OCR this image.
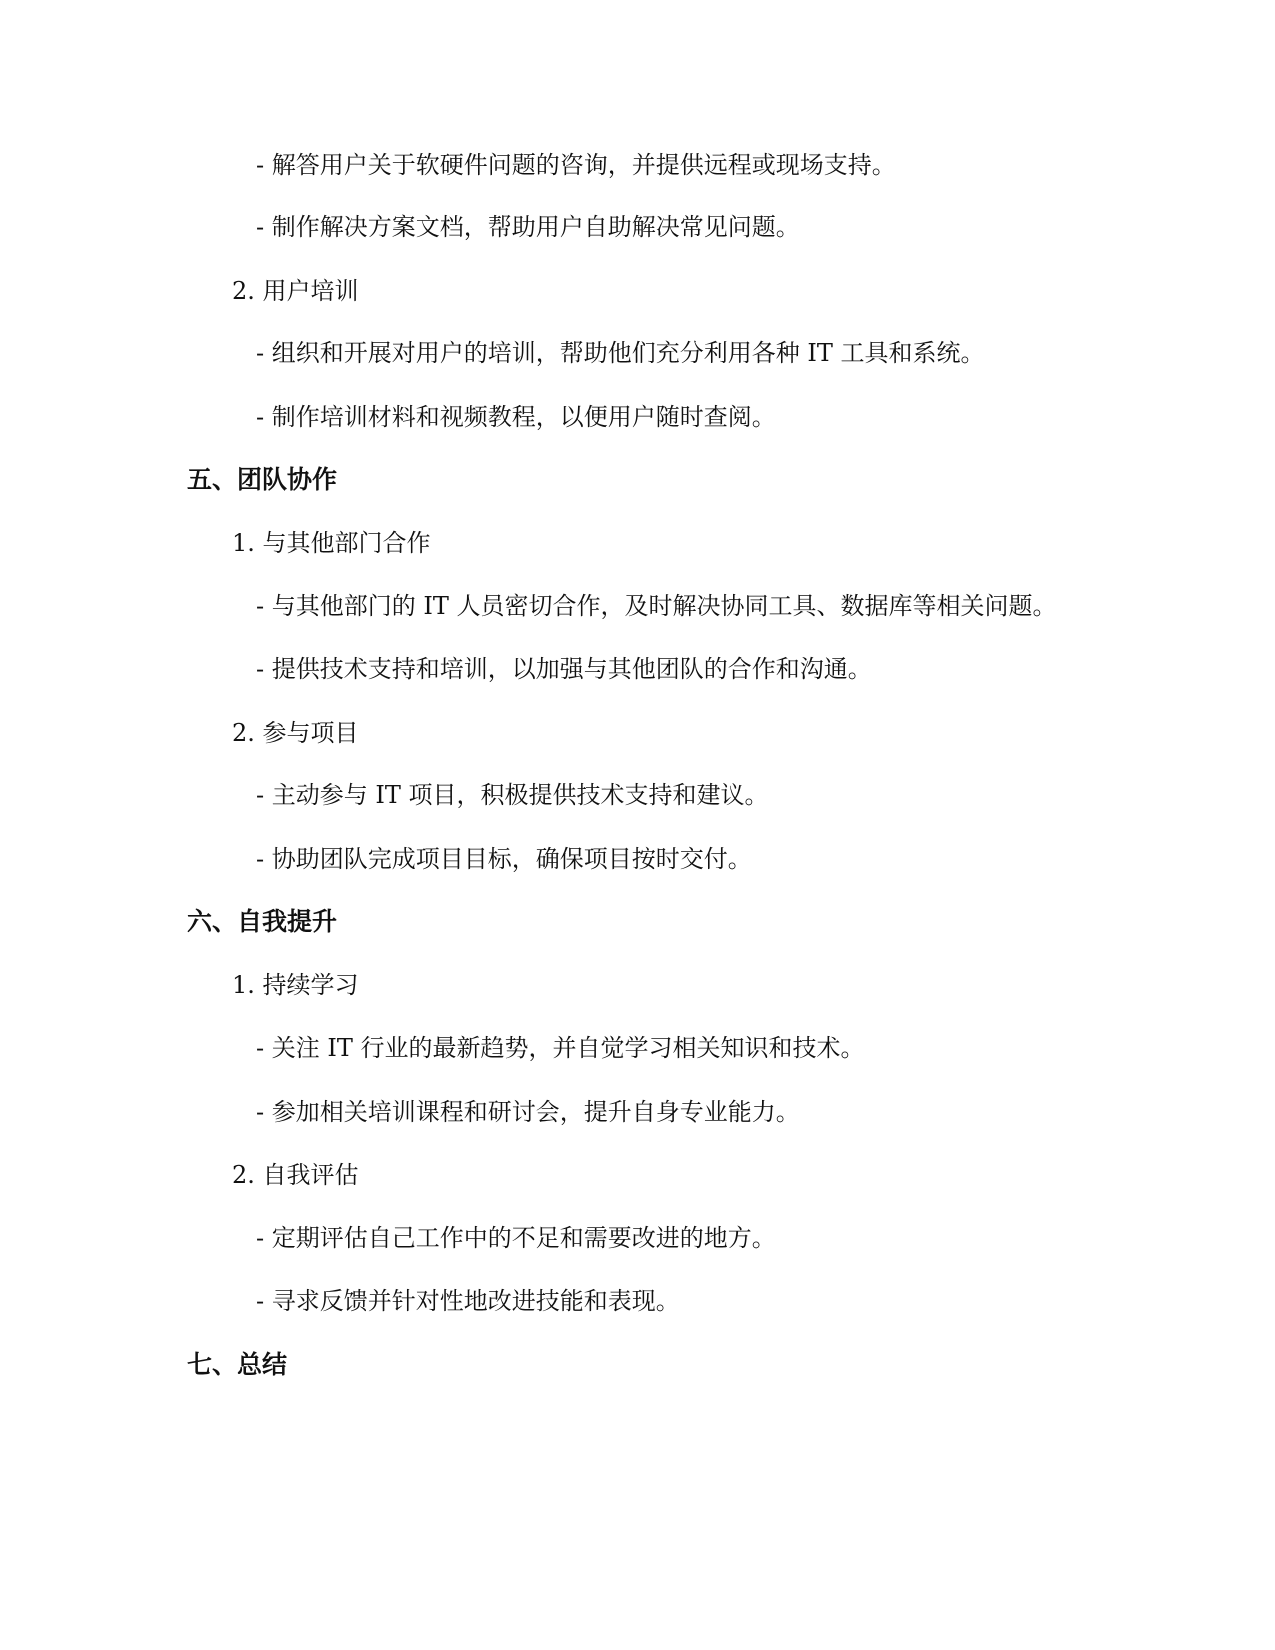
- 解答用户关于软硬件问题的咨询，并提供远程或现场支持。
- 制作解决方案文档，帮助用户自助解决常见问题。
2. 用户培训
- 组织和开展对用户的培训，帮助他们充分利用各种 IT 工具和系统。
- 制作培训材料和视频教程，以便用户随时查阅。
五、团队协作
1. 与其他部门合作
- 与其他部门的 IT 人员密切合作，及时解决协同工具、数据库等相关问题。
- 提供技术支持和培训，以加强与其他团队的合作和沟通。
2. 参与项目
- 主动参与 IT 项目，积极提供技术支持和建议。
- 协助团队完成项目目标，确保项目按时交付。
六、自我提升
1. 持续学习
- 关注 IT 行业的最新趋势，并自觉学习相关知识和技术。
- 参加相关培训课程和研讨会，提升自身专业能力。
2. 自我评估
- 定期评估自己工作中的不足和需要改进的地方。
- 寻求反馈并针对性地改进技能和表现。
七、总结
